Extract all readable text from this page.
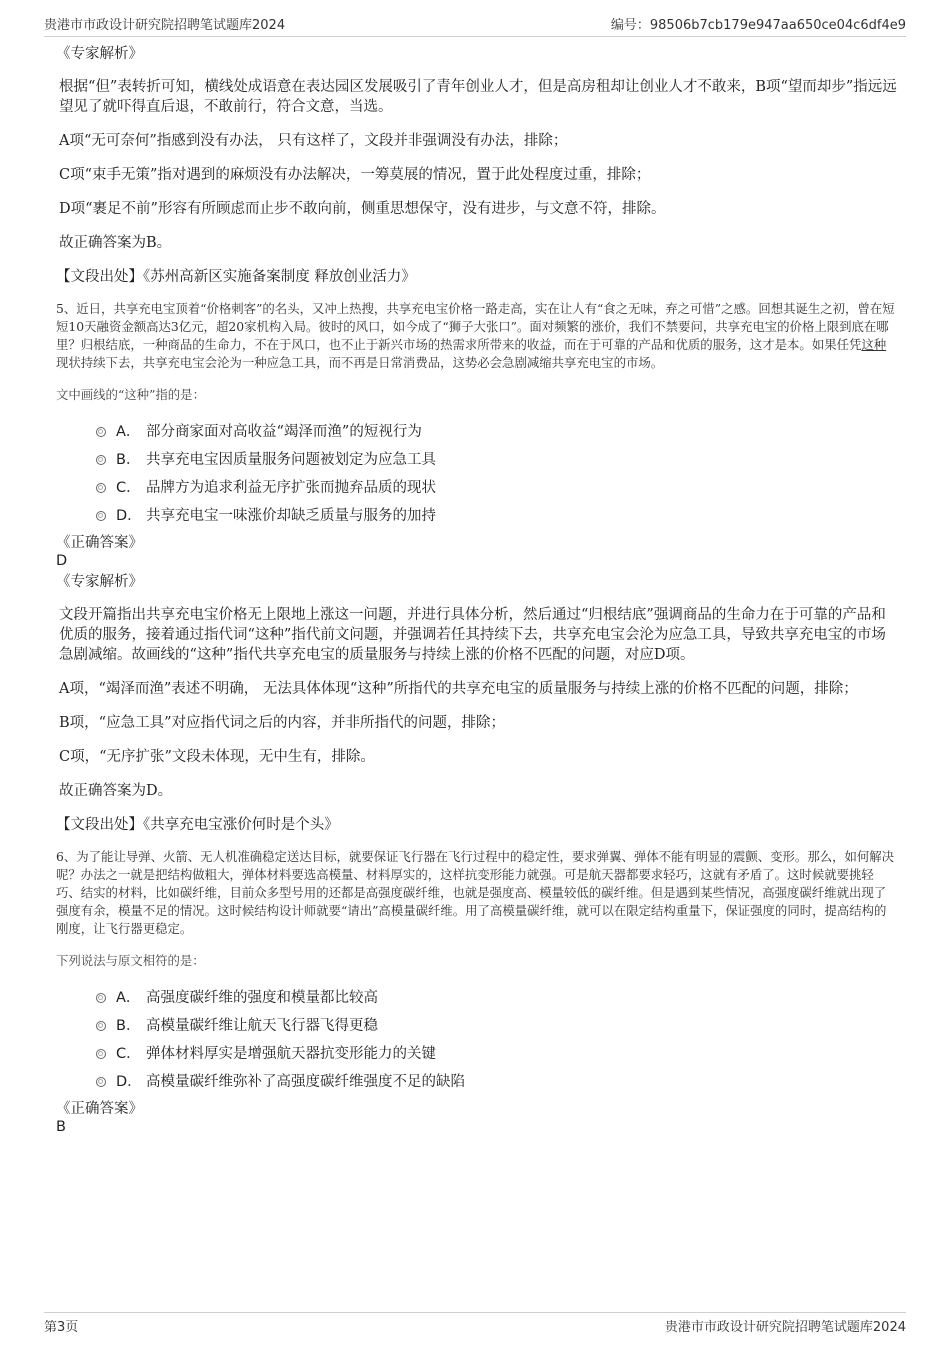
贵港市市政设计研究院招聘笔试题库2024	编号：98506b7cb179e947aa650ce04c6df4e9
《专家解析》

根据“但”表转折可知，横线处成语意在表达园区发展吸引了青年创业人才，但是高房租却让创业人才不敢来，B项“望而却步”指远远望见了就吓得直后退，不敢前行，符合文意，当选。

A项“无可奈何”指感到没有办法， 只有这样了，文段并非强调没有办法，排除；

C项“束手无策”指对遇到的麻烦没有办法解决，一筹莫展的情况，置于此处程度过重，排除；

D项“裹足不前”形容有所顾虑而止步不敢向前，侧重思想保守，没有进步，与文意不符，排除。

故正确答案为B。

【文段出处】《苏州高新区实施备案制度 释放创业活力》

5、近日，共享充电宝顶着“价格刺客”的名头，又冲上热搜，共享充电宝价格一路走高，实在让人有“食之无味，弃之可惜”之感。回想其诞生之初，曾在短短10天融资金额高达3亿元，超20家机构入局。彼时的风口，如今成了“狮子大张口”。面对频繁的涨价，我们不禁要问，共享充电宝的价格上限到底在哪里？归根结底，一种商品的生命力，不在于风口，也不止于新兴市场的热需求所带来的收益，而在于可靠的产品和优质的服务，这才是本。如果任凭这种现状持续下去，共享充电宝会沦为一种应急工具，而不再是日常消费品，这势必会急剧减缩共享充电宝的市场。

文中画线的“这种”指的是：

A． 部分商家面对高收益“竭泽而渔”的短视行为
B． 共享充电宝因质量服务问题被划定为应急工具
C． 品牌方为追求利益无序扩张而抛弃品质的现状
D． 共享充电宝一味涨价却缺乏质量与服务的加持
《正确答案》
D
《专家解析》

文段开篇指出共享充电宝价格无上限地上涨这一问题，并进行具体分析，然后通过“归根结底”强调商品的生命力在于可靠的产品和优质的服务，接着通过指代词“这种”指代前文问题，并强调若任其持续下去，共享充电宝会沦为应急工具，导致共享充电宝的市场急剧减缩。故画线的“这种”指代共享充电宝的质量服务与持续上涨的价格不匹配的问题，对应D项。

A项，“竭泽而渔”表述不明确， 无法具体体现“这种”所指代的共享充电宝的质量服务与持续上涨的价格不匹配的问题，排除；

B项，“应急工具”对应指代词之后的内容，并非所指代的问题，排除；

C项，“无序扩张”文段未体现，无中生有，排除。

故正确答案为D。

【文段出处】《共享充电宝涨价何时是个头》

6、为了能让导弹、火箭、无人机准确稳定送达目标，就要保证飞行器在飞行过程中的稳定性，要求弹翼、弹体不能有明显的震颤、变形。那么，如何解决呢？办法之一就是把结构做粗大，弹体材料要选高模量、材料厚实的，这样抗变形能力就强。可是航天器都要求轻巧，这就有矛盾了。这时候就要挑轻巧、结实的材料，比如碳纤维，目前众多型号用的还都是高强度碳纤维，也就是强度高、模量较低的碳纤维。但是遇到某些情况，高强度碳纤维就出现了强度有余，模量不足的情况。这时候结构设计师就要“请出”高模量碳纤维。用了高模量碳纤维，就可以在限定结构重量下，保证强度的同时，提高结构的刚度，让飞行器更稳定。

下列说法与原文相符的是：

A． 高强度碳纤维的强度和模量都比较高
B． 高模量碳纤维让航天飞行器飞得更稳
C． 弹体材料厚实是增强航天器抗变形能力的关键
D． 高模量碳纤维弥补了高强度碳纤维强度不足的缺陷
《正确答案》
B
第3页	贵港市市政设计研究院招聘笔试题库2024
